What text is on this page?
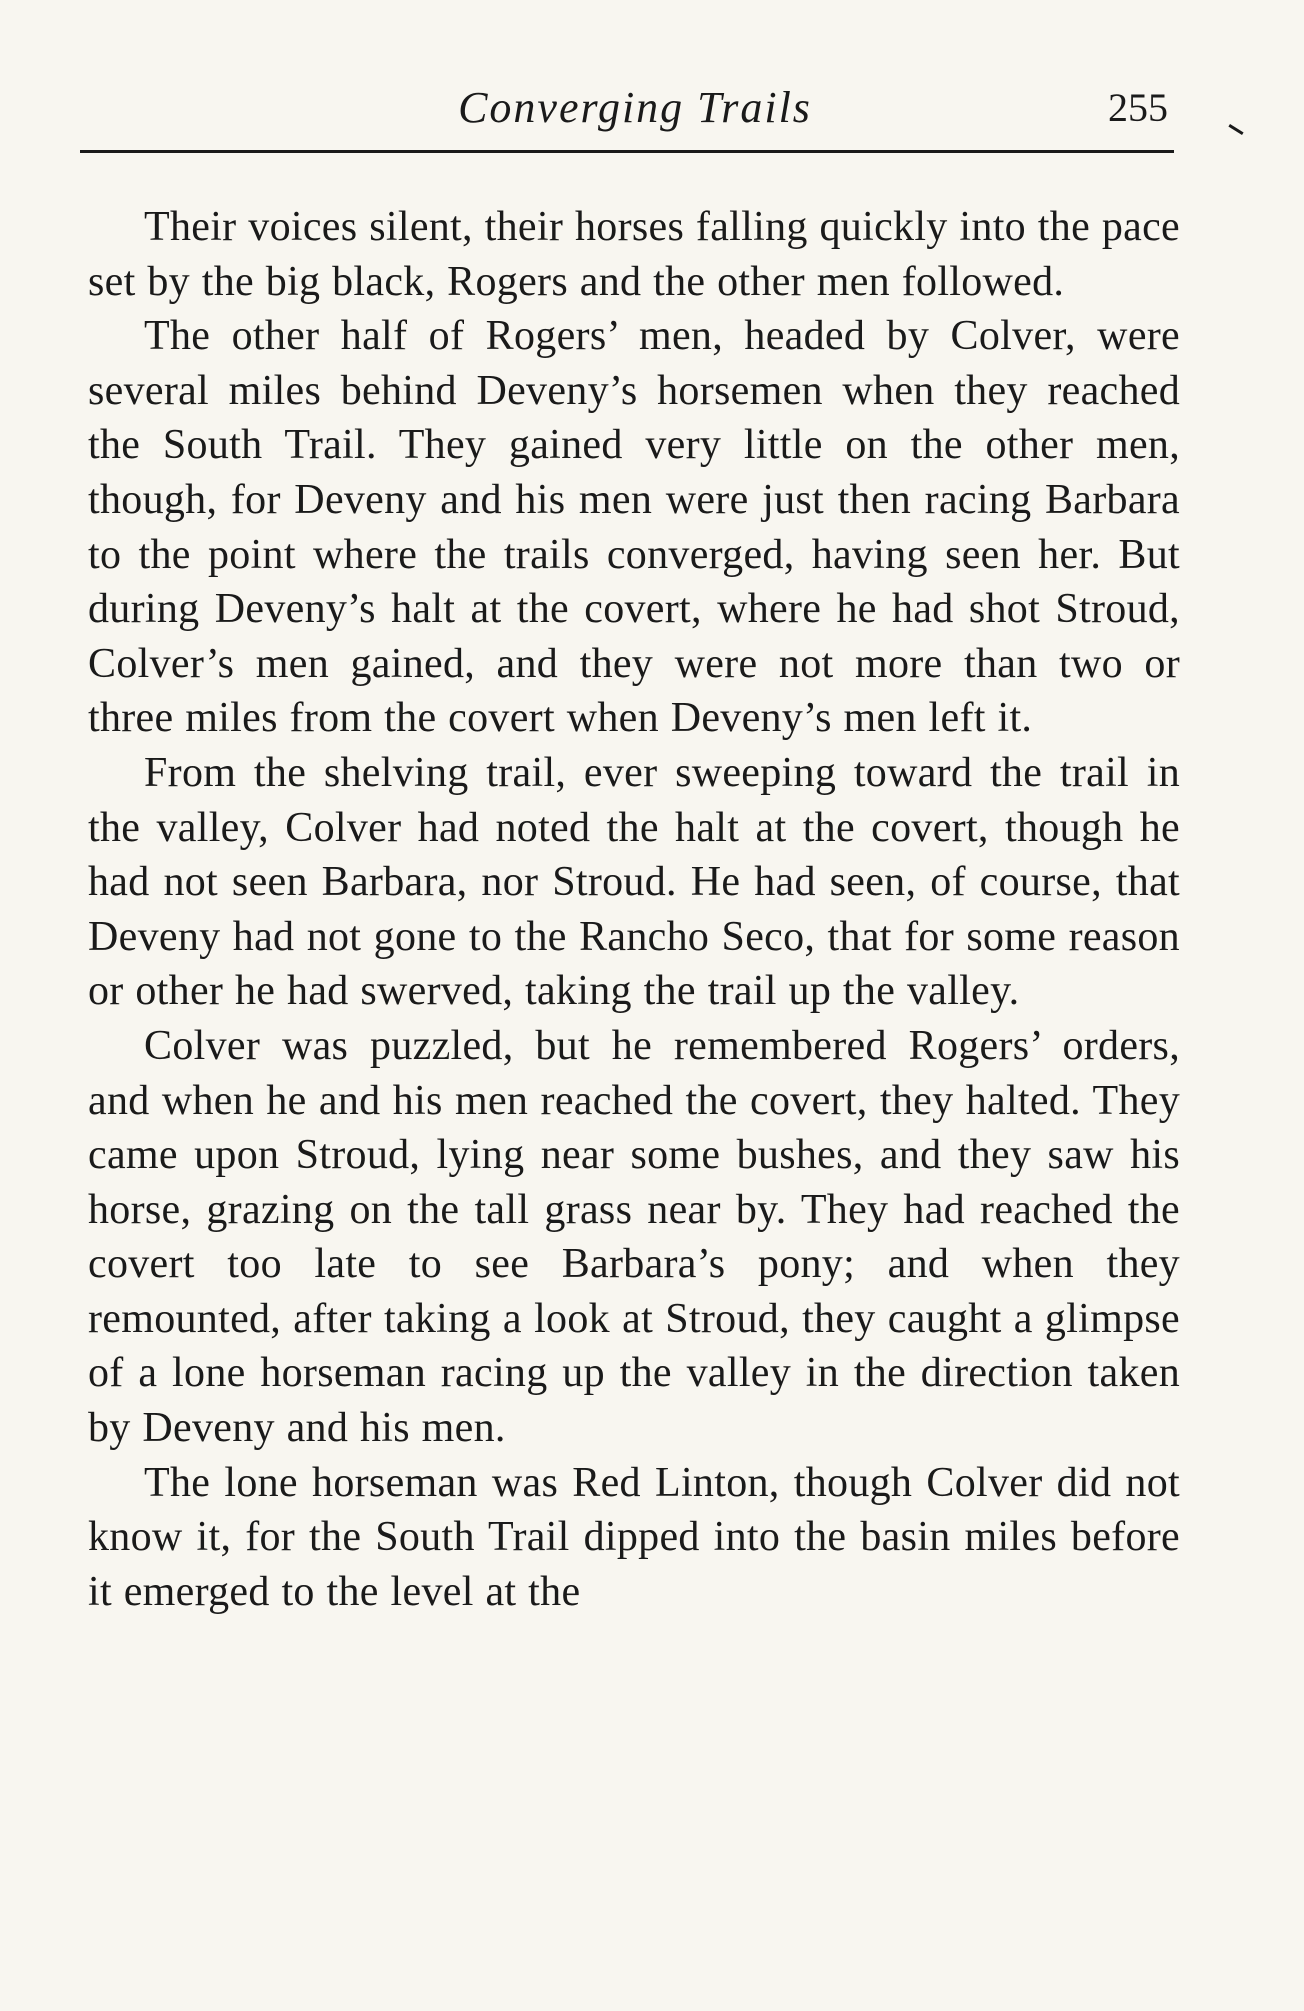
Converging Trails	255

Their voices silent, their horses falling quickly into the pace set by the big black, Rogers and the other men followed.

The other half of Rogers’ men, headed by Colver, were several miles behind Deveny’s horsemen when they reached the South Trail. They gained very little on the other men, though, for Deveny and his men were just then racing Barbara to the point where the trails converged, having seen her. But during Deveny’s halt at the covert, where he had shot Stroud, Colver’s men gained, and they were not more than two or three miles from the covert when Deveny’s men left it.

From the shelving trail, ever sweeping toward the trail in the valley, Colver had noted the halt at the covert, though he had not seen Barbara, nor Stroud. He had seen, of course, that Deveny had not gone to the Rancho Seco, that for some reason or other he had swerved, taking the trail up the valley.

Colver was puzzled, but he remembered Rogers’ orders, and when he and his men reached the covert, they halted. They came upon Stroud, lying near some bushes, and they saw his horse, grazing on the tall grass near by. They had reached the covert too late to see Barbara’s pony; and when they remounted, after taking a look at Stroud, they caught a glimpse of a lone horseman racing up the valley in the direction taken by Deveny and his men.

The lone horseman was Red Linton, though Colver did not know it, for the South Trail dipped into the basin miles before it emerged to the level at the
